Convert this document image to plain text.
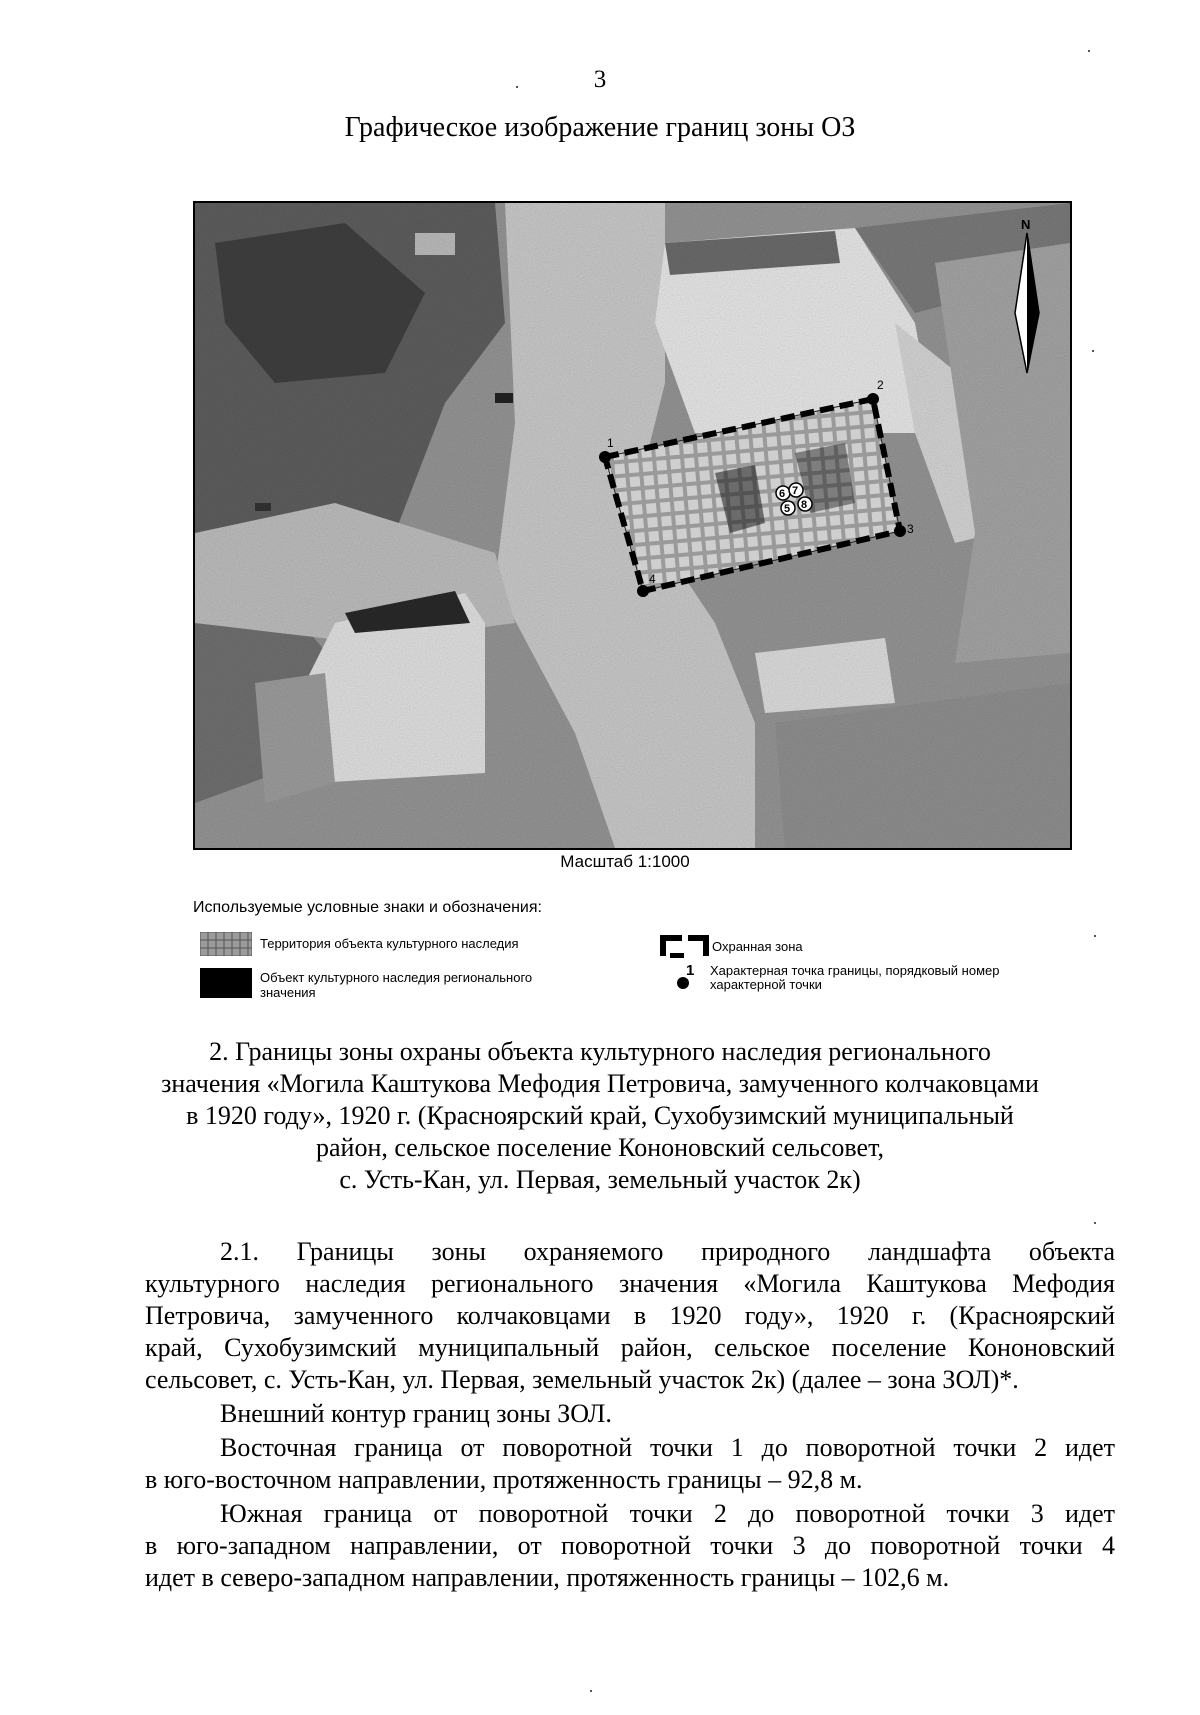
3
Графическое изображение границ зоны ОЗ
1
2
3
4
5
6 7
8
N
Масштаб 1:1000
Используемые условные знаки и обозначения:
Территория объекта культурного наследия	Охранная зона
Объект культурного наследия регионального
значения
1 Характерная точка границы, порядковый номер
характерной точки
2. Границы зоны охраны объекта культурного наследия регионального
значения «Могила Каштукова Мефодия Петровича, замученного колчаковцами
в 1920 году», 1920 г. (Красноярский край, Сухобузимский муниципальный
район, сельское поселение Кононовский сельсовет,
с. Усть-Кан, ул. Первая, земельный участок 2к)
2.1. Границы зоны охраняемого природного ландшафта объекта
культурного наследия регионального значения «Могила Каштукова Мефодия
Петровича, замученного колчаковцами в 1920 году», 1920 г. (Красноярский
край, Сухобузимский муниципальный район, сельское поселение Кононовский
сельсовет, с. Усть-Кан, ул. Первая, земельный участок 2к) (далее – зона ЗОЛ)*.
Внешний контур границ зоны ЗОЛ.
Восточная граница от поворотной точки 1 до поворотной точки 2 идет
в юго-восточном направлении, протяженность границы – 92,8 м.
Южная граница от поворотной точки 2 до поворотной точки 3 идет
в юго-западном направлении, от поворотной точки 3 до поворотной точки 4
идет в северо-западном направлении, протяженность границы – 102,6 м.
